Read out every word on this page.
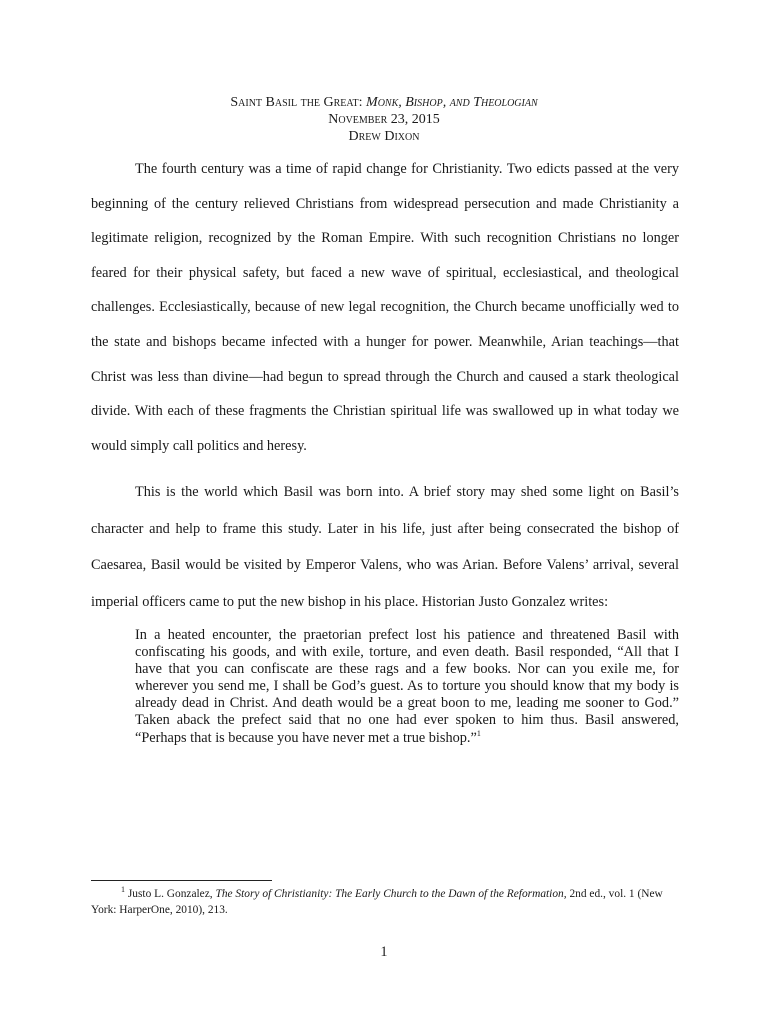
Saint Basil the Great: Monk, Bishop, and Theologian
November 23, 2015
Drew Dixon

The fourth century was a time of rapid change for Christianity. Two edicts passed at the very beginning of the century relieved Christians from widespread persecution and made Christianity a legitimate religion, recognized by the Roman Empire. With such recognition Christians no longer feared for their physical safety, but faced a new wave of spiritual, ecclesiastical, and theological challenges. Ecclesiastically, because of new legal recognition, the Church became unofficially wed to the state and bishops became infected with a hunger for power. Meanwhile, Arian teachings—that Christ was less than divine—had begun to spread through the Church and caused a stark theological divide. With each of these fragments the Christian spiritual life was swallowed up in what today we would simply call politics and heresy.

This is the world which Basil was born into. A brief story may shed some light on Basil’s character and help to frame this study. Later in his life, just after being consecrated the bishop of Caesarea, Basil would be visited by Emperor Valens, who was Arian. Before Valens’ arrival, several imperial officers came to put the new bishop in his place. Historian Justo Gonzalez writes:

In a heated encounter, the praetorian prefect lost his patience and threatened Basil with confiscating his goods, and with exile, torture, and even death. Basil responded, “All that I have that you can confiscate are these rags and a few books. Nor can you exile me, for wherever you send me, I shall be God’s guest. As to torture you should know that my body is already dead in Christ. And death would be a great boon to me, leading me sooner to God.” Taken aback the prefect said that no one had ever spoken to him thus. Basil answered, “Perhaps that is because you have never met a true bishop.”$^1$
$^1$ Justo L. Gonzalez, The Story of Christianity: The Early Church to the Dawn of the Reformation, 2nd ed., vol. 1 (New York: HarperOne, 2010), 213.
1
